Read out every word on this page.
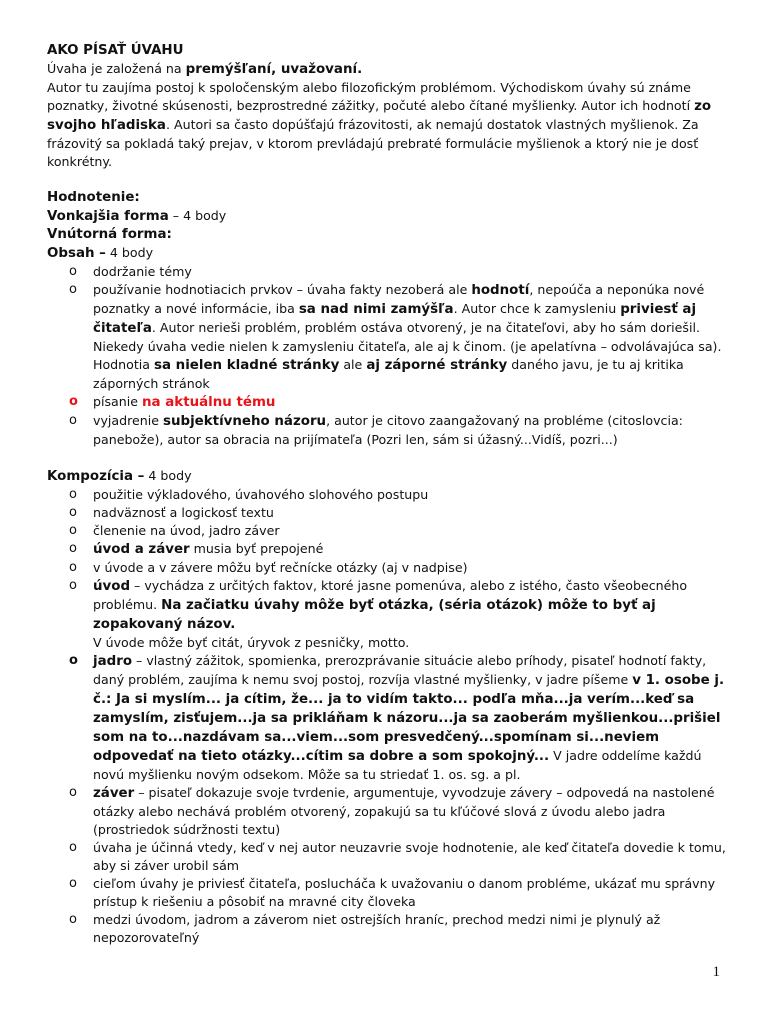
AKO PÍSAŤ ÚVAHU

Úvaha je založená na premýšľaní, uvažovaní.

Autor tu zaujíma postoj k spoločenským alebo filozofickým problémom. Východiskom úvahy sú známe poznatky, životné skúsenosti, bezprostredné zážitky, počuté alebo čítané myšlienky. Autor ich hodnotí zo svojho hľadiska. Autori sa často dopúšťajú frázovitosti, ak nemajú dostatok vlastných myšlienok. Za frázovitý sa pokladá taký prejav, v ktorom prevládajú prebraté formulácie myšlienok a ktorý nie je dosť konkrétny.

Hodnotenie:

Vonkajšia forma – 4 body

Vnútorná forma:

Obsah – 4 body

o dodržanie témy
o používanie hodnotiacich prvkov – úvaha fakty nezoberá ale hodnotí, nepoúča a neponúka nové poznatky a nové informácie, iba sa nad nimi zamýšľa. Autor chce k zamysleniu priviesť aj čitateľa. Autor nerieši problém, problém ostáva otvorený, je na čitateľovi, aby ho sám doriešil. Niekedy úvaha vedie nielen k zamysleniu čitateľa, ale aj k činom. (je apelatívna – odvolávajúca sa). Hodnotia sa nielen kladné stránky ale aj záporné stránky daného javu, je tu aj kritika záporných stránok
o písanie na aktuálnu tému
o vyjadrenie subjektívneho názoru, autor je citovo zaangažovaný na probléme (citoslovcia: panebože), autor sa obracia na prijímateľa (Pozri len, sám si úžasný...Vidíš, pozri...)

Kompozícia – 4 body

o použitie výkladového, úvahového slohového postupu
o nadväznosť a logickosť textu
o členenie na úvod, jadro záver
o úvod a záver musia byť prepojené
o v úvode a v závere môžu byť rečnícke otázky (aj v nadpise)
o úvod – vychádza z určitých faktov, ktoré jasne pomenúva, alebo z istého, často všeobecného problému. Na začiatku úvahy môže byť otázka, (séria otázok) môže to byť aj zopakovaný názov.
V úvode môže byť citát, úryvok z pesničky, motto.
o jadro – vlastný zážitok, spomienka, prerozprávanie situácie alebo príhody, pisateľ hodnotí fakty, daný problém, zaujíma k nemu svoj postoj, rozvíja vlastné myšlienky, v jadre píšeme v 1. osobe j. č.: Ja si myslím... ja cítim, že... ja to vidím takto... podľa mňa...ja verím...keď sa zamyslím, zisťujem...ja sa prikláňam k názoru...ja sa zaoberám myšlienkou...prišiel som na to...nazdávam sa...viem...som presvedčený...spomínam si...neviem odpovedať na tieto otázky...cítim sa dobre a som spokojný... V jadre oddelíme každú novú myšlienku novým odsekom. Môže sa tu striedať 1. os. sg. a pl.
o záver – pisateľ dokazuje svoje tvrdenie, argumentuje, vyvodzuje závery – odpovedá na nastolené otázky alebo nechává problém otvorený, zopakujú sa tu kľúčové slová z úvodu alebo jadra (prostriedok súdržnosti textu)
o úvaha je účinná vtedy, keď v nej autor neuzavrie svoje hodnotenie, ale keď čitateľa dovedie k tomu, aby si záver urobil sám
o cieľom úvahy je priviesť čitateľa, poslucháča k uvažovaniu o danom probléme, ukázať mu správny prístup k riešeniu a pôsobiť na mravné city človeka
o medzi úvodom, jadrom a záverom niet ostrejších hraníc, prechod medzi nimi je plynulý až nepozorovateľný
1
